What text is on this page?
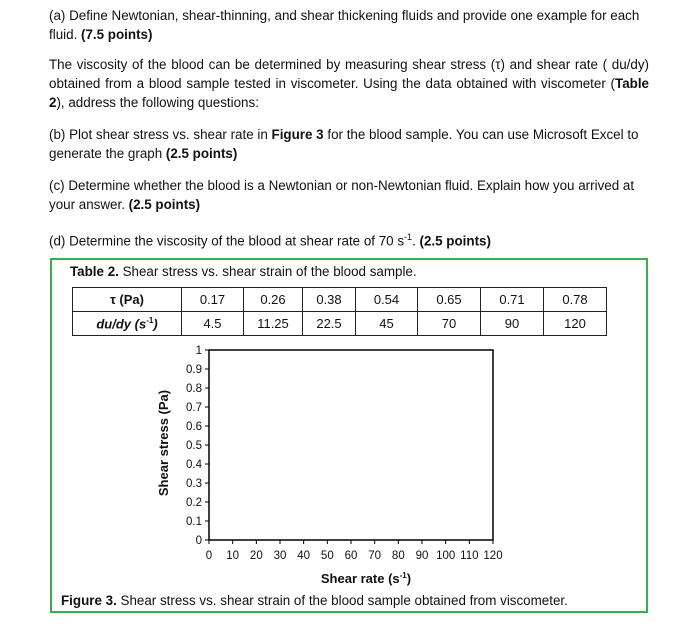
(a) Define Newtonian, shear-thinning, and shear thickening fluids and provide one example for each fluid. (7.5 points)
The viscosity of the blood can be determined by measuring shear stress (τ) and shear rate ( du/dy) obtained from a blood sample tested in viscometer. Using the data obtained with viscometer (Table 2), address the following questions:
(b) Plot shear stress vs. shear rate in Figure 3 for the blood sample. You can use Microsoft Excel to generate the graph (2.5 points)
(c) Determine whether the blood is a Newtonian or non-Newtonian fluid. Explain how you arrived at your answer. (2.5 points)
(d) Determine the viscosity of the blood at shear rate of 70 $s^{-1}$. (2.5 points)
Table 2. Shear stress vs. shear strain of the blood sample.
τ (Pa)	0.17	0.26	0.38	0.54	0.65	0.71	0.78
du/dy $(s^{-1})$	4.5	11.25	22.5	45	70	90	120
Shear stress (Pa)
0
0.1
0.2
0.3
0.4
0.5
0.6
0.7
0.8
0.9
1
0 10 20 30 40 50 60 70 80 90 100 110 120
Shear rate $(s^{-1})$
Figure 3. Shear stress vs. shear strain of the blood sample obtained from viscometer.
